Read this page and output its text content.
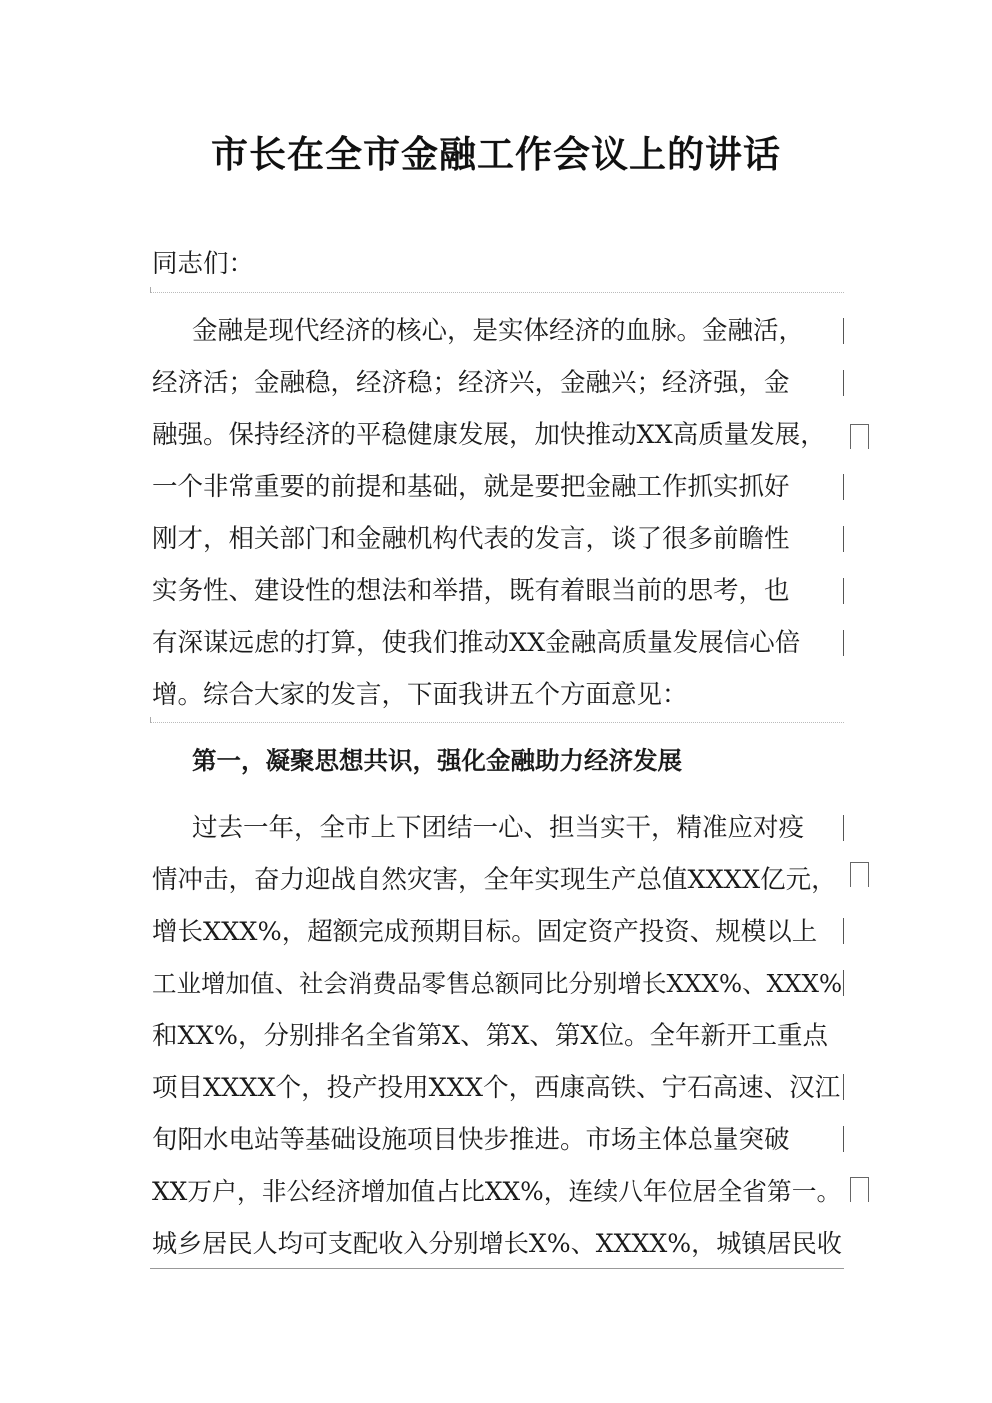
市长在全市金融工作会议上的讲话
同志们：
金融是现代经济的核心，是实体经济的血脉。金融活，
经济活；金融稳，经济稳；经济兴，金融兴；经济强，金
融强。保持经济的平稳健康发展，加快推动XX高质量发展，
一个非常重要的前提和基础，就是要把金融工作抓实抓好
刚才，相关部门和金融机构代表的发言，谈了很多前瞻性
实务性、建设性的想法和举措，既有着眼当前的思考，也
有深谋远虑的打算，使我们推动XX金融高质量发展信心倍
增。综合大家的发言，下面我讲五个方面意见：
第一，凝聚思想共识，强化金融助力经济发展
过去一年，全市上下团结一心、担当实干，精准应对疫
情冲击，奋力迎战自然灾害，全年实现生产总值XXXX亿元，
增长XXX%，超额完成预期目标。固定资产投资、规模以上
工业增加值、社会消费品零售总额同比分别增长XXX%、XXX%
和XX%，分别排名全省第X、第X、第X位。全年新开工重点
项目XXXX个，投产投用XXX个，西康高铁、宁石高速、汉江
旬阳水电站等基础设施项目快步推进。市场主体总量突破
XX万户，非公经济增加值占比XX%，连续八年位居全省第一。
城乡居民人均可支配收入分别增长X%、XXXX%，城镇居民收
